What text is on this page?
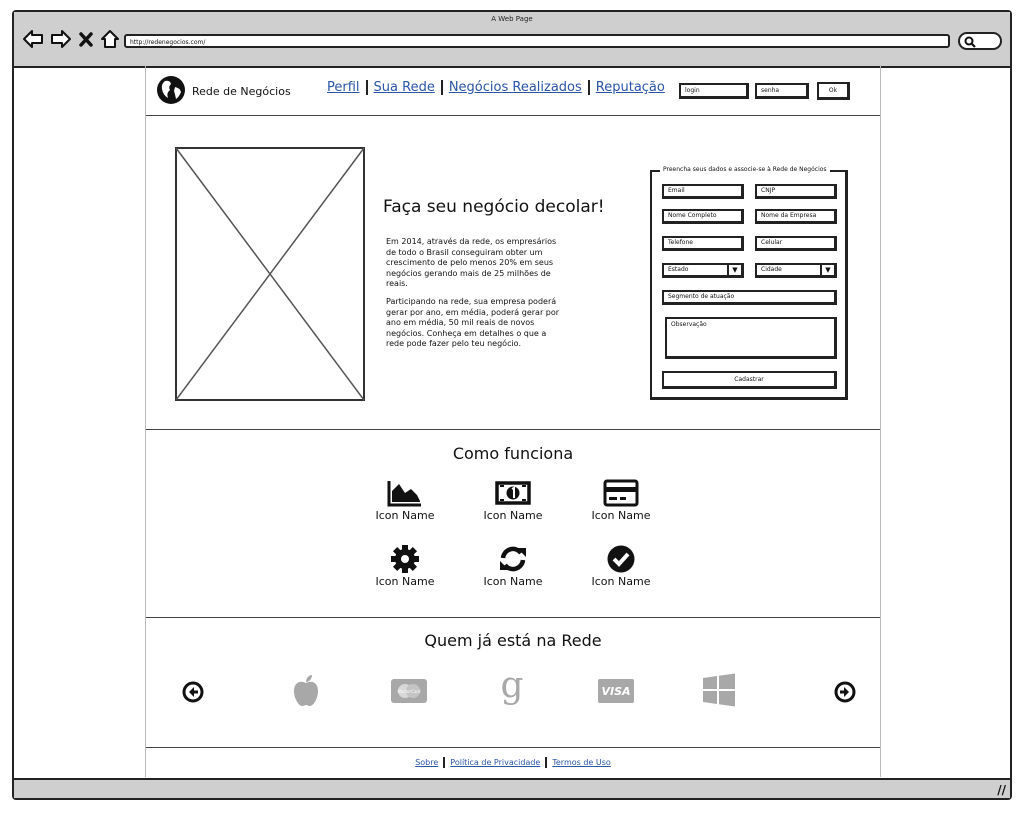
A Web Page
http://redenegocios.com/
//
Rede de Negócios	Perfil Sua Rede Negócios Realizados Reputação	login	senha	Ok
Faça seu negócio decolar!

Em 2014, através da rede, os empresários de todo o Brasil conseguiram obter um crescimento de pelo menos 20% em seus negócios gerando mais de 25 milhões de reais.

Participando na rede, sua empresa poderá gerar por ano, em média, poderá gerar por ano em média, 50 mil reais de novos negócios. Conheça em detalhes o que a rede pode fazer pelo teu negócio.

Preencha seus dados e associe-se à Rede de Negócios
Email	CNJP
Nome Completo	Nome da Empresa
Telefone	Celular
Estado	▼	Cidade	▼
Segmento de atuação
Observação
Cadastrar
Como funciona
Icon Name	Icon Name	Icon Name
Icon Name	Icon Name	Icon Name
Quem já está na Rede
MasterCard g	VISA
Sobre Política de Privacidade Termos de Uso
